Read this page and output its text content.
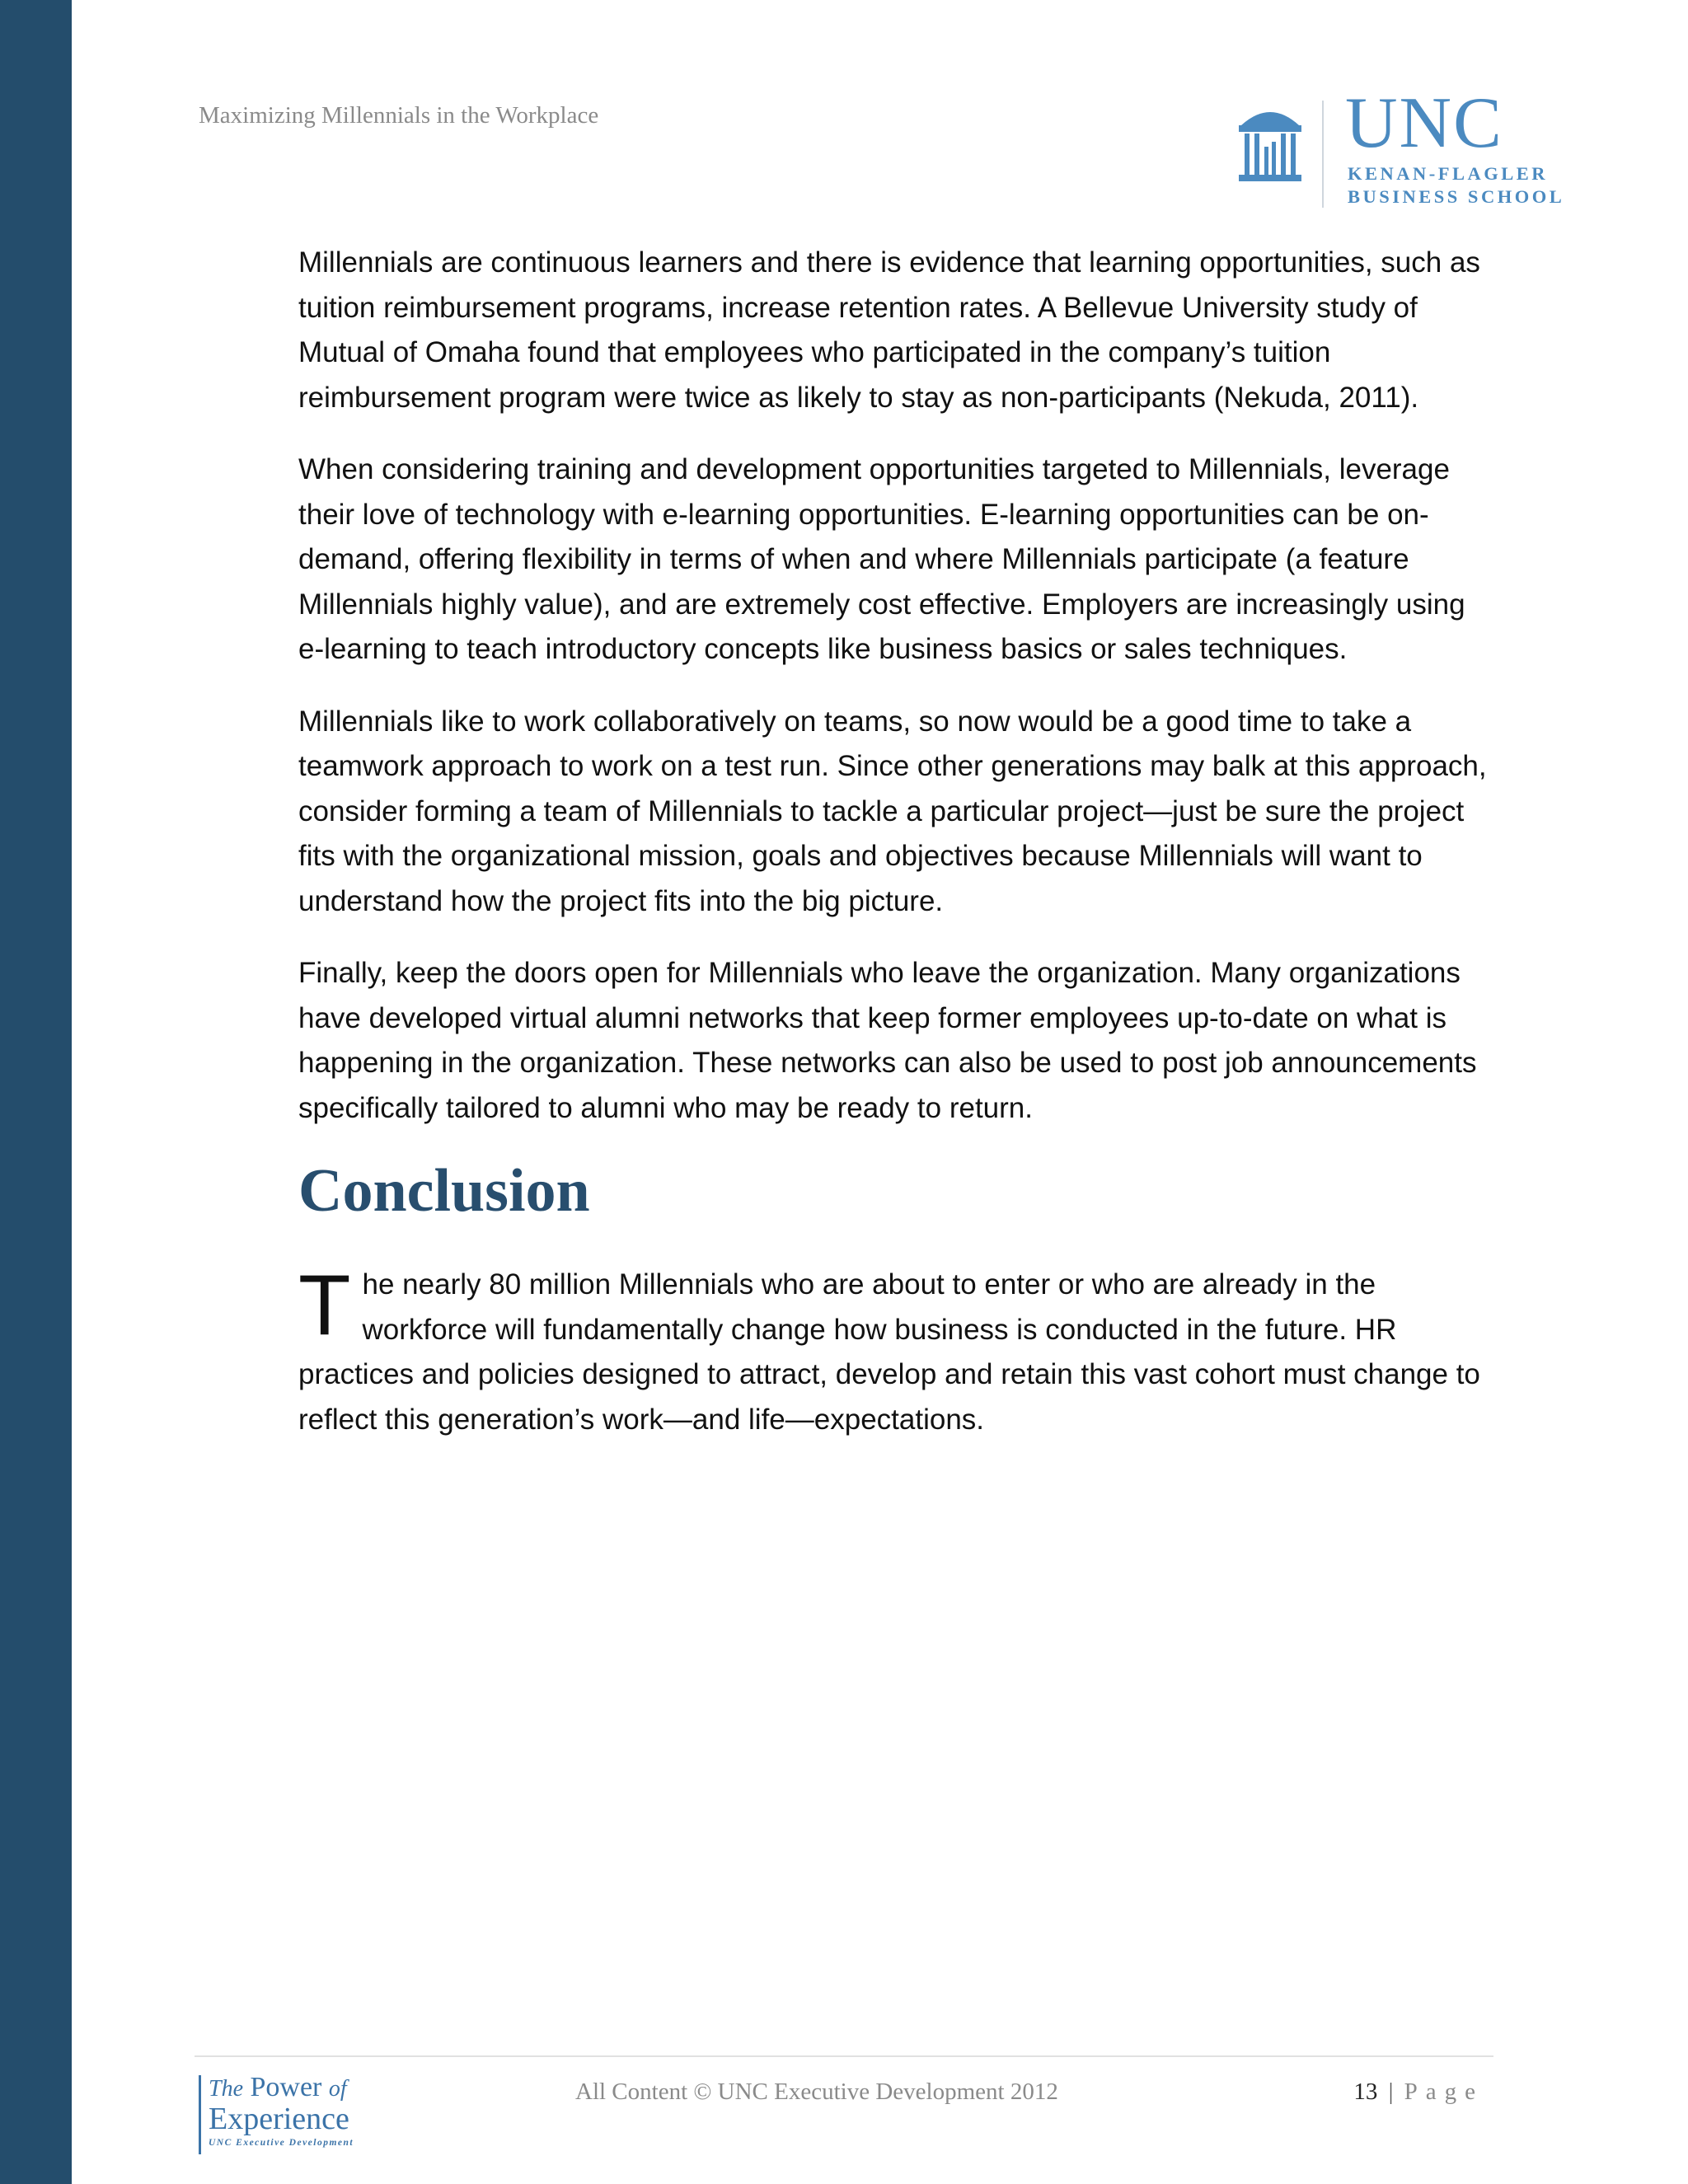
Maximizing Millennials in the Workplace	UNC
KENAN-FLAGLER
BUSINESS SCHOOL

Millennials are continuous learners and there is evidence that learning opportunities, such as tuition reimbursement programs, increase retention rates. A Bellevue University study of Mutual of Omaha found that employees who participated in the company’s tuition reimbursement program were twice as likely to stay as non-participants (Nekuda, 2011).

When considering training and development opportunities targeted to Millennials, leverage their love of technology with e-learning opportunities. E-learning opportunities can be on-demand, offering flexibility in terms of when and where Millennials participate (a feature Millennials highly value), and are extremely cost effective. Employers are increasingly using e-learning to teach introductory concepts like business basics or sales techniques.

Millennials like to work collaboratively on teams, so now would be a good time to take a teamwork approach to work on a test run. Since other generations may balk at this approach, consider forming a team of Millennials to tackle a particular project—just be sure the project fits with the organizational mission, goals and objectives because Millennials will want to understand how the project fits into the big picture.

Finally, keep the doors open for Millennials who leave the organization. Many organizations have developed virtual alumni networks that keep former employees up-to-date on what is happening in the organization. These networks can also be used to post job announcements specifically tailored to alumni who may be ready to return.

Conclusion

The nearly 80 million Millennials who are about to enter or who are already in the workforce will fundamentally change how business is conducted in the future. HR practices and policies designed to attract, develop and retain this vast cohort must change to reflect this generation’s work—and life—expectations.

The Power of
Experience
UNC Executive Development
All Content © UNC Executive Development 2012	13 | Page
